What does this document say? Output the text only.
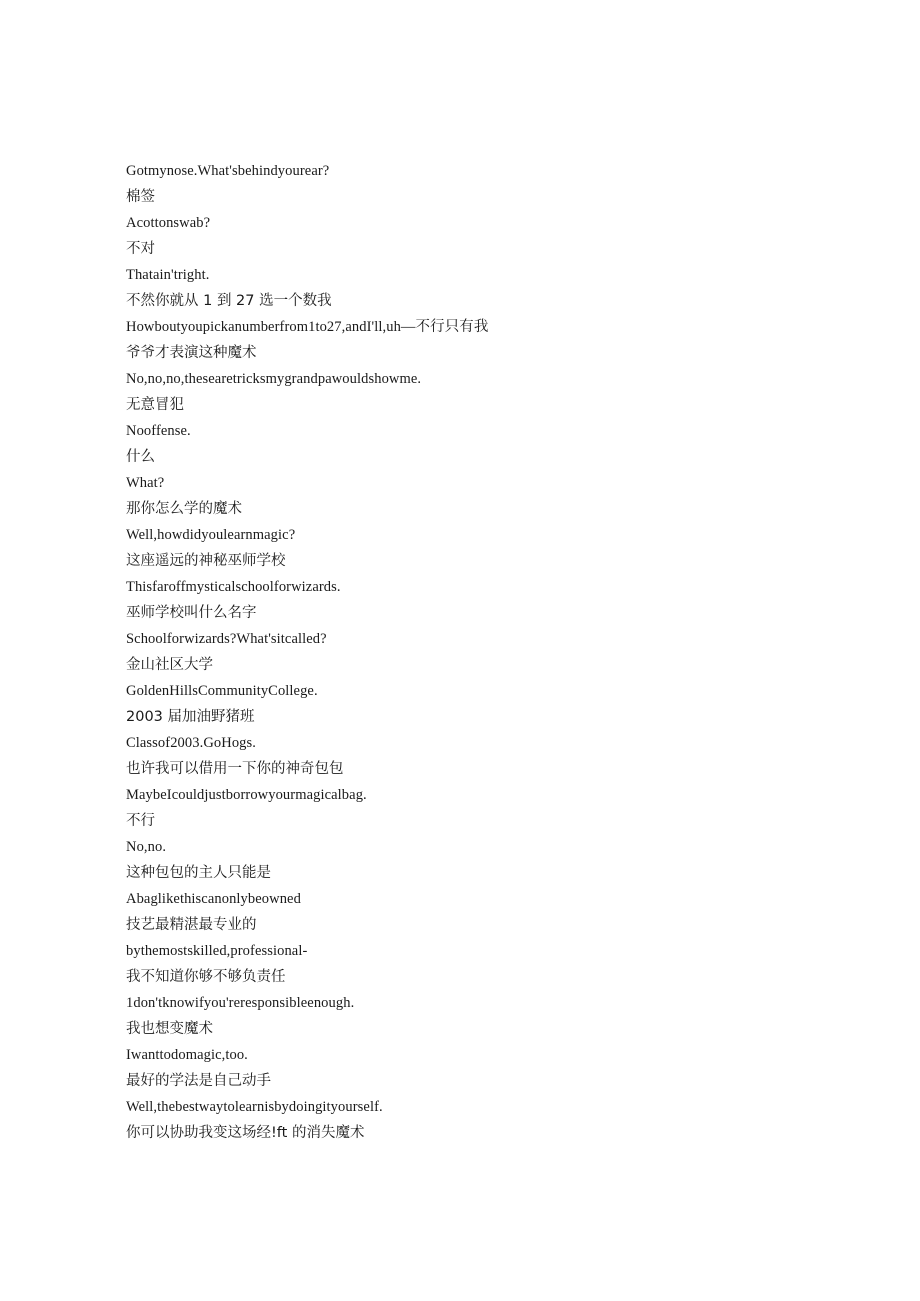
Gotmynose.What'sbehindyourear?

棉签

Acottonswab?

不对

Thatain'tright.

不然你就从 1 到 27 选一个数我

Howboutyoupickanumberfrom1to27,andI'll,uh—不行只有我

爷爷才表演这种魔术

No,no,no,thesearetricksmygrandpawouldshowme.

无意冒犯

Nooffense.

什么

What?

那你怎么学的魔术

Well,howdidyoulearnmagic?

这座遥远的神秘巫师学校

Thisfaroffmysticalschoolforwizards.

巫师学校叫什么名字

Schoolforwizards?What'sitcalled?

金山社区大学

GoldenHillsCommunityCollege.

2003 届加油野猪班

Classof2003.GoHogs.

也许我可以借用一下你的神奇包包

MaybeIcouldjustborrowyourmagicalbag.

不行

No,no.

这种包包的主人只能是

Abaglikethiscanonlybeowned

技艺最精湛最专业的

bythemostskilled,professional-

我不知道你够不够负责任

1don'tknowifyou'reresponsibleenough.

我也想变魔术

Iwanttodomagic,too.

最好的学法是自己动手

Well,thebestwaytolearnisbydoingityourself.

你可以协助我变这场经!ft 的消失魔术
